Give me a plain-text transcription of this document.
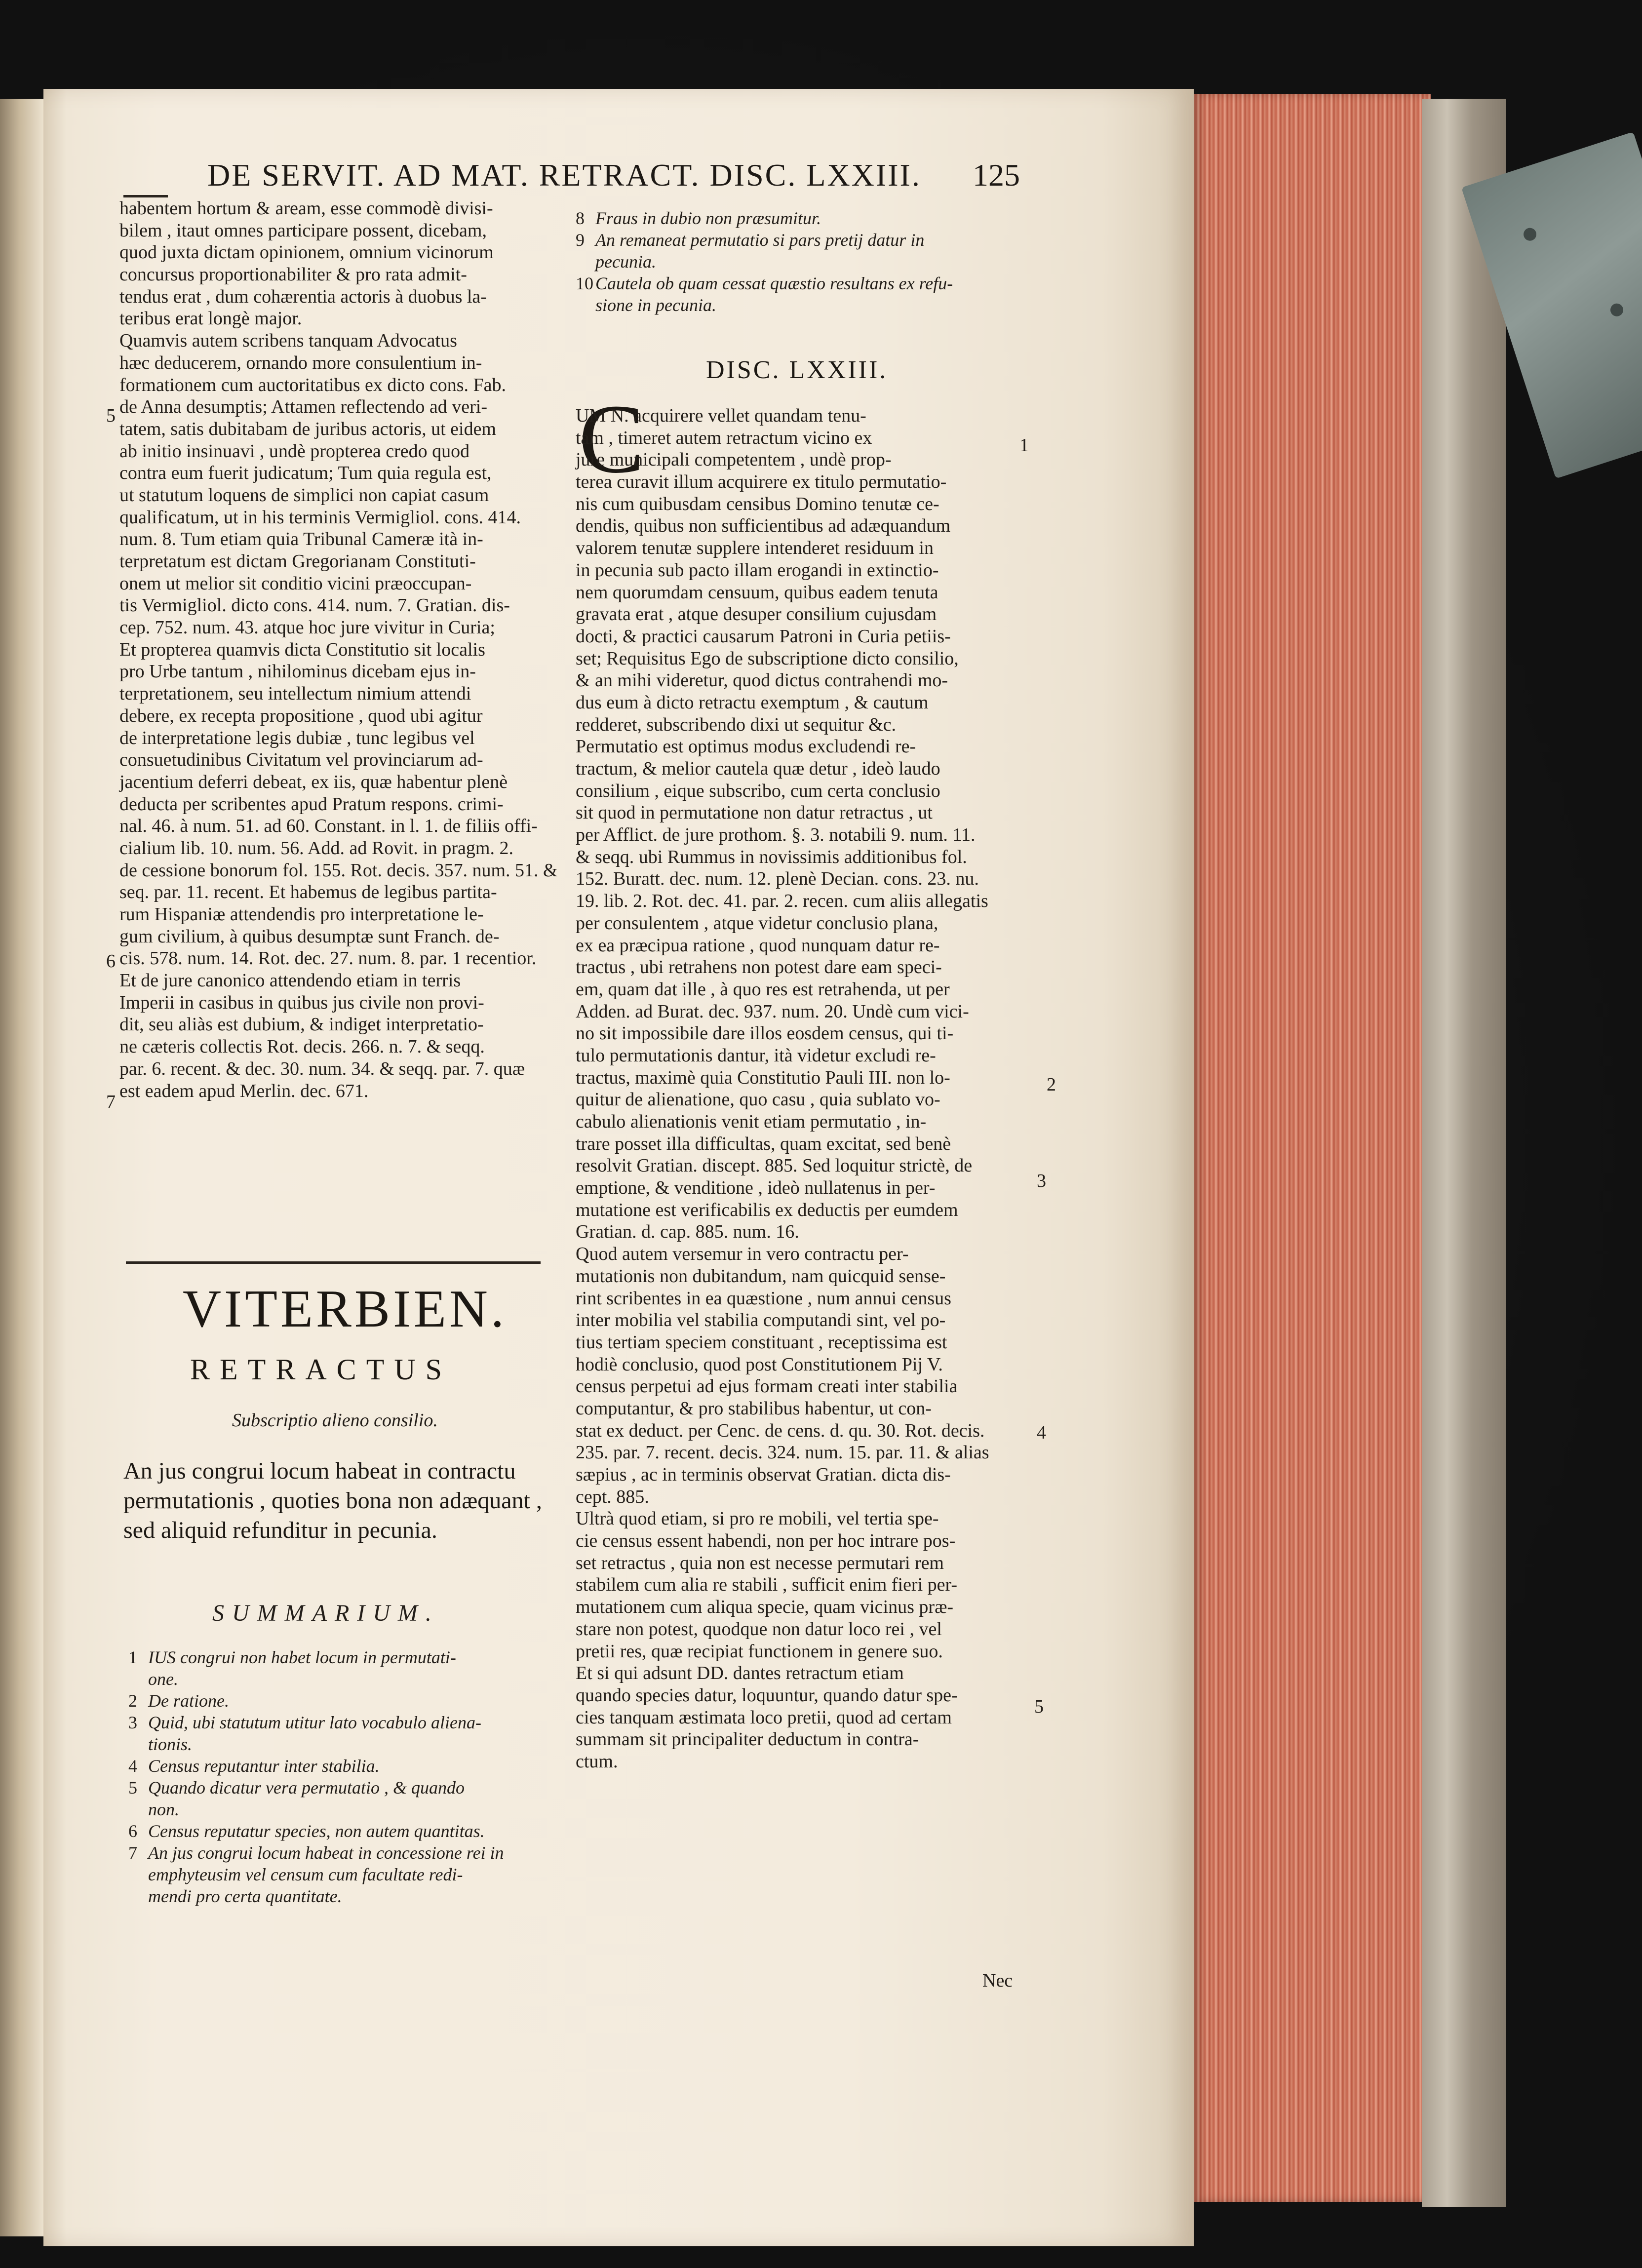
DE SERVIT. AD MAT. RETRACT. DISC. LXXIII. 125
habentem hortum & aream, esse commodè divisi-
bilem , itaut omnes participare possent, dicebam,
quod juxta dictam opinionem, omnium vicinorum
concursus proportionabiliter & pro rata admit-
tendus erat , dum cohærentia actoris à duobus la-
teribus erat longè major.
Quamvis autem scribens tanquam Advocatus
hæc deducerem, ornando more consulentium in-
formationem cum auctoritatibus ex dicto cons. Fab.
de Anna desumptis; Attamen reflectendo ad veri-
tatem, satis dubitabam de juribus actoris, ut eidem
ab initio insinuavi , undè propterea credo quod
contra eum fuerit judicatum; Tum quia regula est,
ut statutum loquens de simplici non capiat casum
qualificatum, ut in his terminis Vermigliol. cons. 414.
num. 8. Tum etiam quia Tribunal Cameræ ità in-
terpretatum est dictam Gregorianam Constituti-
onem ut melior sit conditio vicini præoccupan-
tis Vermigliol. dicto cons. 414. num. 7. Gratian. dis-
cep. 752. num. 43. atque hoc jure vivitur in Curia;
Et propterea quamvis dicta Constitutio sit localis
pro Urbe tantum , nihilominus dicebam ejus in-
terpretationem, seu intellectum nimium attendi
debere, ex recepta propositione , quod ubi agitur
de interpretatione legis dubiæ , tunc legibus vel
consuetudinibus Civitatum vel provinciarum ad-
jacentium deferri debeat, ex iis, quæ habentur plenè
deducta per scribentes apud Pratum respons. crimi-
nal. 46. à num. 51. ad 60. Constant. in l. 1. de filiis offi-
cialium lib. 10. num. 56. Add. ad Rovit. in pragm. 2.
de cessione bonorum fol. 155. Rot. decis. 357. num. 51. &
seq. par. 11. recent. Et habemus de legibus partita-
rum Hispaniæ attendendis pro interpretatione le-
gum civilium, à quibus desumptæ sunt Franch. de-
cis. 578. num. 14. Rot. dec. 27. num. 8. par. 1 recentior.
Et de jure canonico attendendo etiam in terris
Imperii in casibus in quibus jus civile non provi-
dit, seu aliàs est dubium, & indiget interpretatio-
ne cæteris collectis Rot. decis. 266. n. 7. & seqq.
par. 6. recent. & dec. 30. num. 34. & seqq. par. 7. quæ
est eadem apud Merlin. dec. 671.
VITERBIEN.
RETRACTUS
Subscriptio alieno consilio.
An jus congrui locum habeat in contractu permutationis , quoties bona non adæquant , sed aliquid refunditur in pecunia.
SUMMARIUM.
1 IUS congrui non habet locum in permutati-
one.
2 De ratione.
3 Quid, ubi statutum utitur lato vocabulo aliena-
tionis.
4 Census reputantur inter stabilia.
5 Quando dicatur vera permutatio , & quando
non.
6 Census reputatur species, non autem quantitas.
7 An jus congrui locum habeat in concessione rei in
emphyteusim vel censum cum facultate redi-
mendi pro certa quantitate.
8 Fraus in dubio non præsumitur.
9 An remaneat permutatio si pars pretij datur in
pecunia.
10 Cautela ob quam cessat quæstio resultans ex refu-
sione in pecunia.
DISC. LXXIII.
C
UM N. acquirere vellet quandam tenu-
tam , timeret autem retractum vicino ex
jure municipali competentem , undè prop-
terea curavit illum acquirere ex titulo permutatio-
nis cum quibusdam censibus Domino tenutæ ce-
dendis, quibus non sufficientibus ad adæquandum
valorem tenutæ supplere intenderet residuum in
in pecunia sub pacto illam erogandi in extinctio-
nem quorumdam censuum, quibus eadem tenuta
gravata erat , atque desuper consilium cujusdam
docti, & practici causarum Patroni in Curia petiis-
set; Requisitus Ego de subscriptione dicto consilio,
& an mihi videretur, quod dictus contrahendi mo-
dus eum à dicto retractu exemptum , & cautum
redderet, subscribendo dixi ut sequitur &c.
Permutatio est optimus modus excludendi re-
tractum, & melior cautela quæ detur , ideò laudo
consilium , eique subscribo, cum certa conclusio
sit quod in permutatione non datur retractus , ut
per Afflict. de jure prothom. §. 3. notabili 9. num. 11.
& seqq. ubi Rummus in novissimis additionibus fol.
152. Buratt. dec. num. 12. plenè Decian. cons. 23. nu.
19. lib. 2. Rot. dec. 41. par. 2. recen. cum aliis allegatis
per consulentem , atque videtur conclusio plana,
ex ea præcipua ratione , quod nunquam datur re-
tractus , ubi retrahens non potest dare eam speci-
em, quam dat ille , à quo res est retrahenda, ut per
Adden. ad Burat. dec. 937. num. 20. Undè cum vici-
no sit impossibile dare illos eosdem census, qui ti-
tulo permutationis dantur, ità videtur excludi re-
tractus, maximè quia Constitutio Pauli III. non lo-
quitur de alienatione, quo casu , quia sublato vo-
cabulo alienationis venit etiam permutatio , in-
trare posset illa difficultas, quam excitat, sed benè
resolvit Gratian. discept. 885. Sed loquitur strictè, de
emptione, & venditione , ideò nullatenus in per-
mutatione est verificabilis ex deductis per eumdem
Gratian. d. cap. 885. num. 16.
Quod autem versemur in vero contractu per-
mutationis non dubitandum, nam quicquid sense-
rint scribentes in ea quæstione , num annui census
inter mobilia vel stabilia computandi sint, vel po-
tius tertiam speciem constituant , receptissima est
hodiè conclusio, quod post Constitutionem Pij V.
census perpetui ad ejus formam creati inter stabilia
computantur, & pro stabilibus habentur, ut con-
stat ex deduct. per Cenc. de cens. d. qu. 30. Rot. decis.
235. par. 7. recent. decis. 324. num. 15. par. 11. & alias
sæpius , ac in terminis observat Gratian. dicta dis-
cept. 885.
Ultrà quod etiam, si pro re mobili, vel tertia spe-
cie census essent habendi, non per hoc intrare pos-
set retractus , quia non est necesse permutari rem
stabilem cum alia re stabili , sufficit enim fieri per-
mutationem cum aliqua specie, quam vicinus præ-
stare non potest, quodque non datur loco rei , vel
pretii res, quæ recipiat functionem in genere suo.
Et si qui adsunt DD. dantes retractum etiam
quando species datur, loquuntur, quando datur spe-
cies tanquam æstimata loco pretii, quod ad certam
summam sit principaliter deductum in contra-
ctum.
Nec
5
6
7
1
2
3
4
5
